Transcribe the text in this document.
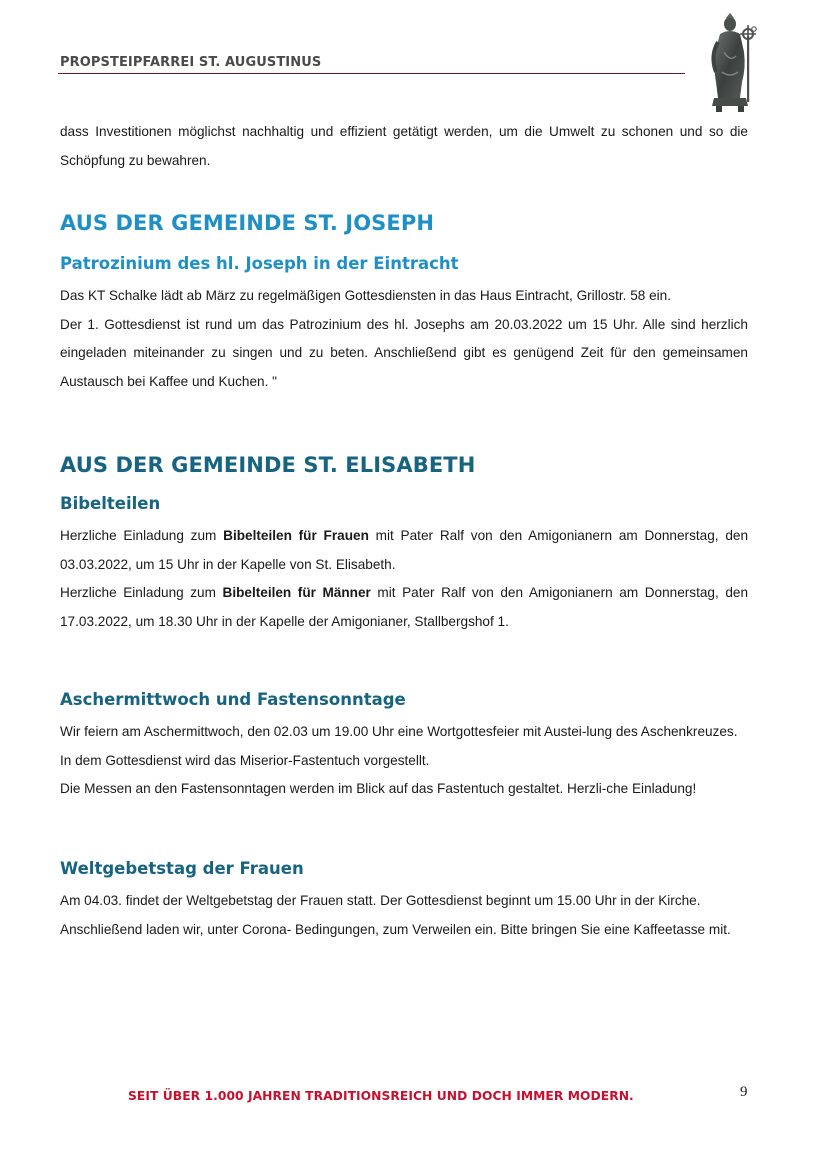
PROPSTEIPFARREI ST. AUGUSTINUS

dass Investitionen möglichst nachhaltig und effizient getätigt werden, um die Umwelt zu schonen und so die Schöpfung zu bewahren.

AUS DER GEMEINDE ST. JOSEPH
Patrozinium des hl. Joseph in der Eintracht

Das KT Schalke lädt ab März zu regelmäßigen Gottesdiensten in das Haus Eintracht, Grillostr. 58 ein.

Der 1. Gottesdienst ist rund um das Patrozinium des hl. Josephs am 20.03.2022 um 15 Uhr. Alle sind herzlich eingeladen miteinander zu singen und zu beten. Anschließend gibt es genügend Zeit für den gemeinsamen Austausch bei Kaffee und Kuchen. "

AUS DER GEMEINDE ST. ELISABETH
Bibelteilen

Herzliche Einladung zum Bibelteilen für Frauen mit Pater Ralf von den Amigonianern am Donnerstag, den 03.03.2022, um 15 Uhr in der Kapelle von St. Elisabeth.

Herzliche Einladung zum Bibelteilen für Männer mit Pater Ralf von den Amigonianern am Donnerstag, den 17.03.2022, um 18.30 Uhr in der Kapelle der Amigonianer, Stallbergshof 1.

Aschermittwoch und Fastensonntage

Wir feiern am Aschermittwoch, den 02.03 um 19.00 Uhr eine Wortgottesfeier mit Austei-lung des Aschenkreuzes. In dem Gottesdienst wird das Miserior-Fastentuch vorgestellt.

Die Messen an den Fastensonntagen werden im Blick auf das Fastentuch gestaltet. Herzli-che Einladung!

Weltgebetstag der Frauen

Am 04.03. findet der Weltgebetstag der Frauen statt. Der Gottesdienst beginnt um 15.00 Uhr in der Kirche. Anschließend laden wir, unter Corona- Bedingungen, zum Verweilen ein. Bitte bringen Sie eine Kaffeetasse mit.

SEIT ÜBER 1.000 JAHREN TRADITIONSREICH UND DOCH IMMER MODERN.	9
